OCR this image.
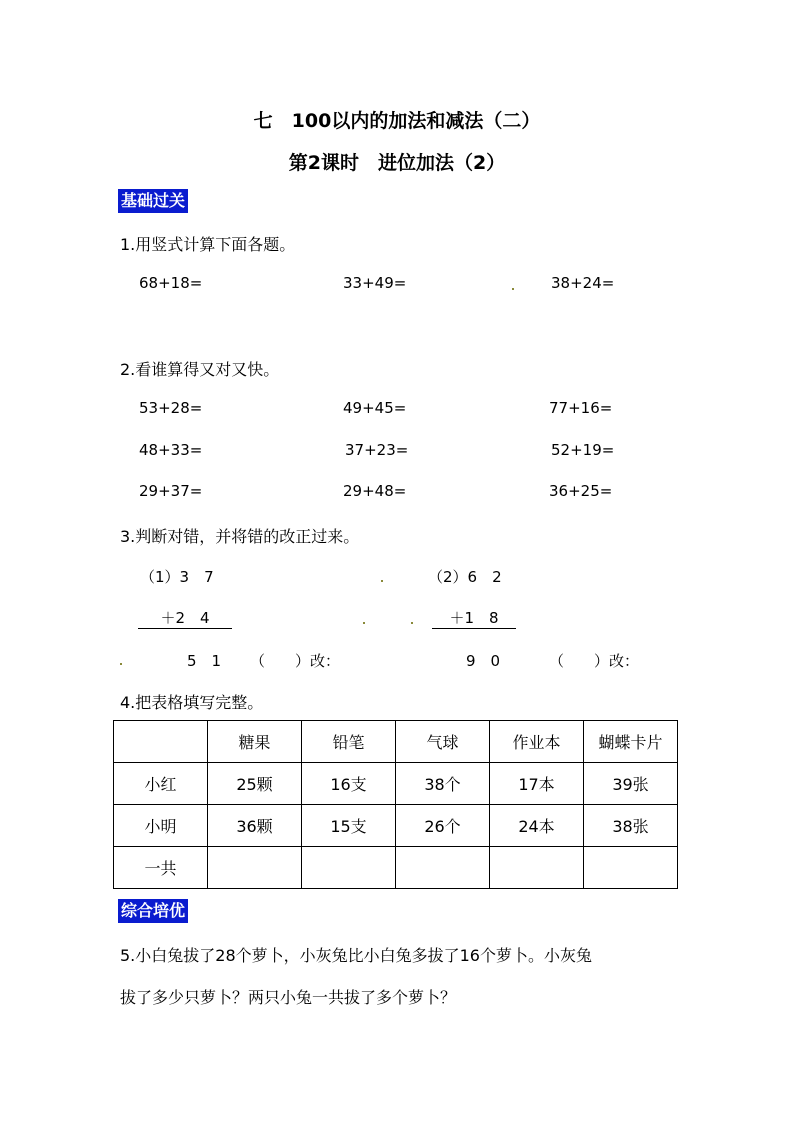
七　100以内的加法和减法（二）
第2课时　进位加法（2）
基础过关
1.用竖式计算下面各题。
68+18=	33+49=	38+24=
2.看谁算得又对又快。
53+28=	49+45=	77+16=
48+33=	37+23=	52+19=
29+37=	29+48=	36+25=
3.判断对错，并将错的改正过来。
（1）3　7	（2）6　2
＋2　4	＋1　8
5　1 （　　）改：	9　0	（　　）改：
4.把表格填写完整。
	糖果	铅笔	气球	作业本	蝴蝶卡片
小红	25颗	16支	38个	17本	39张
小明	36颗	15支	26个	24本	38张
一共					
综合培优
5.小白兔拔了28个萝卜，小灰兔比小白兔多拔了16个萝卜。小灰兔
拔了多少只萝卜？两只小兔一共拔了多个萝卜？
